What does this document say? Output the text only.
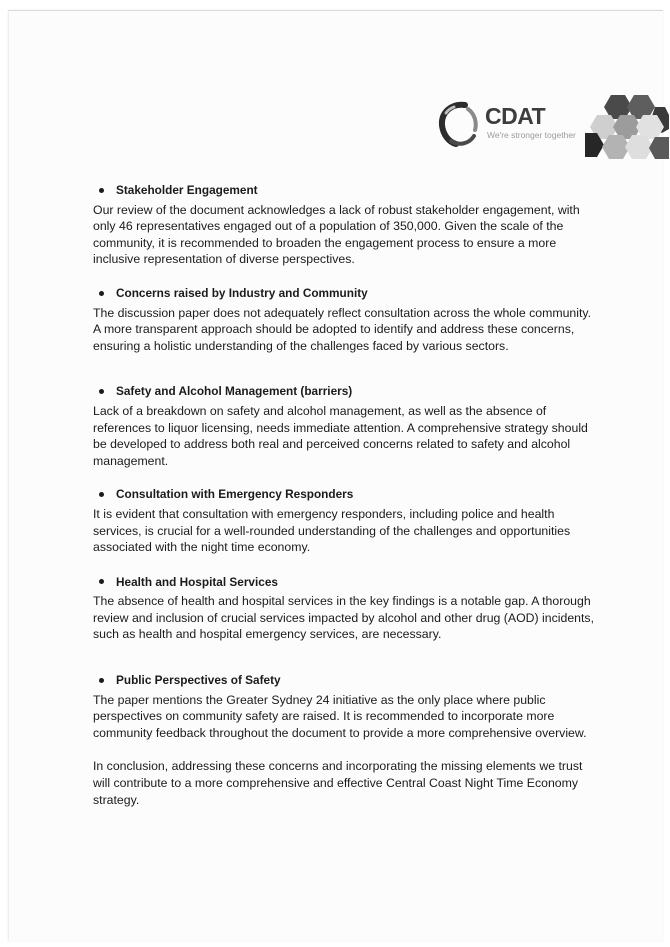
CDAT
We're stronger together
Stakeholder Engagement

Our review of the document acknowledges a lack of robust stakeholder engagement, with only 46 representatives engaged out of a population of 350,000. Given the scale of the community, it is recommended to broaden the engagement process to ensure a more inclusive representation of diverse perspectives.

Concerns raised by Industry and Community

The discussion paper does not adequately reflect consultation across the whole community. A more transparent approach should be adopted to identify and address these concerns, ensuring a holistic understanding of the challenges faced by various sectors.

Safety and Alcohol Management (barriers)

Lack of a breakdown on safety and alcohol management, as well as the absence of references to liquor licensing, needs immediate attention. A comprehensive strategy should be developed to address both real and perceived concerns related to safety and alcohol management.

Consultation with Emergency Responders

It is evident that consultation with emergency responders, including police and health services, is crucial for a well-rounded understanding of the challenges and opportunities associated with the night time economy.

Health and Hospital Services

The absence of health and hospital services in the key findings is a notable gap. A thorough review and inclusion of crucial services impacted by alcohol and other drug (AOD) incidents, such as health and hospital emergency services, are necessary.

Public Perspectives of Safety

The paper mentions the Greater Sydney 24 initiative as the only place where public perspectives on community safety are raised. It is recommended to incorporate more community feedback throughout the document to provide a more comprehensive overview.

In conclusion, addressing these concerns and incorporating the missing elements we trust will contribute to a more comprehensive and effective Central Coast Night Time Economy strategy.
